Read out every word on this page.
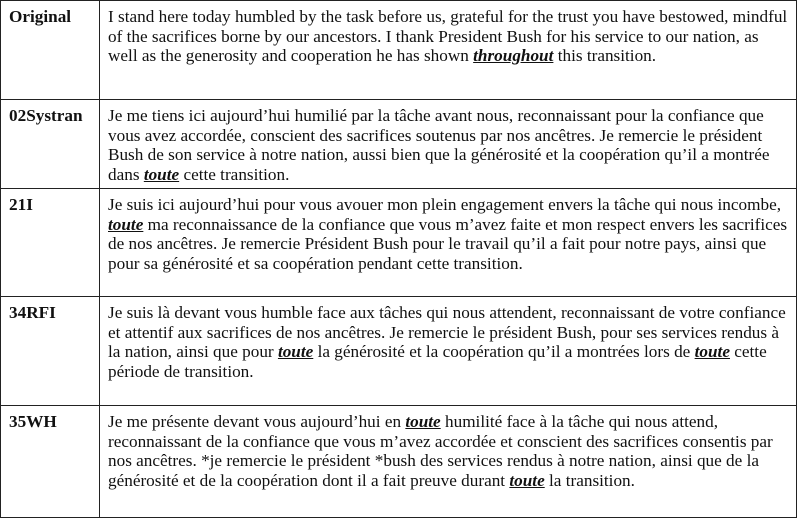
Original	I stand here today humbled by the task before us, grateful for the trust you have bestowed, mindful of the sacrifices borne by our ancestors. I thank President Bush for his service to our nation, as well as the generosity and cooperation he has shown throughout this transition.
02Systran	Je me tiens ici aujourd’hui humilié par la tâche avant nous, reconnaissant pour la confiance que vous avez accordée, conscient des sacrifices soutenus par nos ancêtres. Je remercie le président Bush de son service à notre nation, aussi bien que la générosité et la coopération qu’il a montrée dans toute cette transition.
21I	Je suis ici aujourd’hui pour vous avouer mon plein engagement envers la tâche qui nous incombe, toute ma reconnaissance de la confiance que vous m’avez faite et mon respect envers les sacrifices de nos ancêtres. Je remercie Président Bush pour le travail qu’il a fait pour notre pays, ainsi que pour sa générosité et sa coopération pendant cette transition.
34RFI	Je suis là devant vous humble face aux tâches qui nous attendent, reconnaissant de votre confiance et attentif aux sacrifices de nos ancêtres. Je remercie le président Bush, pour ses services rendus à la nation, ainsi que pour toute la générosité et la coopération qu’il a montrées lors de toute cette période de transition.
35WH	Je me présente devant vous aujourd’hui en toute humilité face à la tâche qui nous attend, reconnaissant de la confiance que vous m’avez accordée et conscient des sacrifices consentis par nos ancêtres. *je remercie le président *bush des services rendus à notre nation, ainsi que de la générosité et de la coopération dont il a fait preuve durant toute la transition.
